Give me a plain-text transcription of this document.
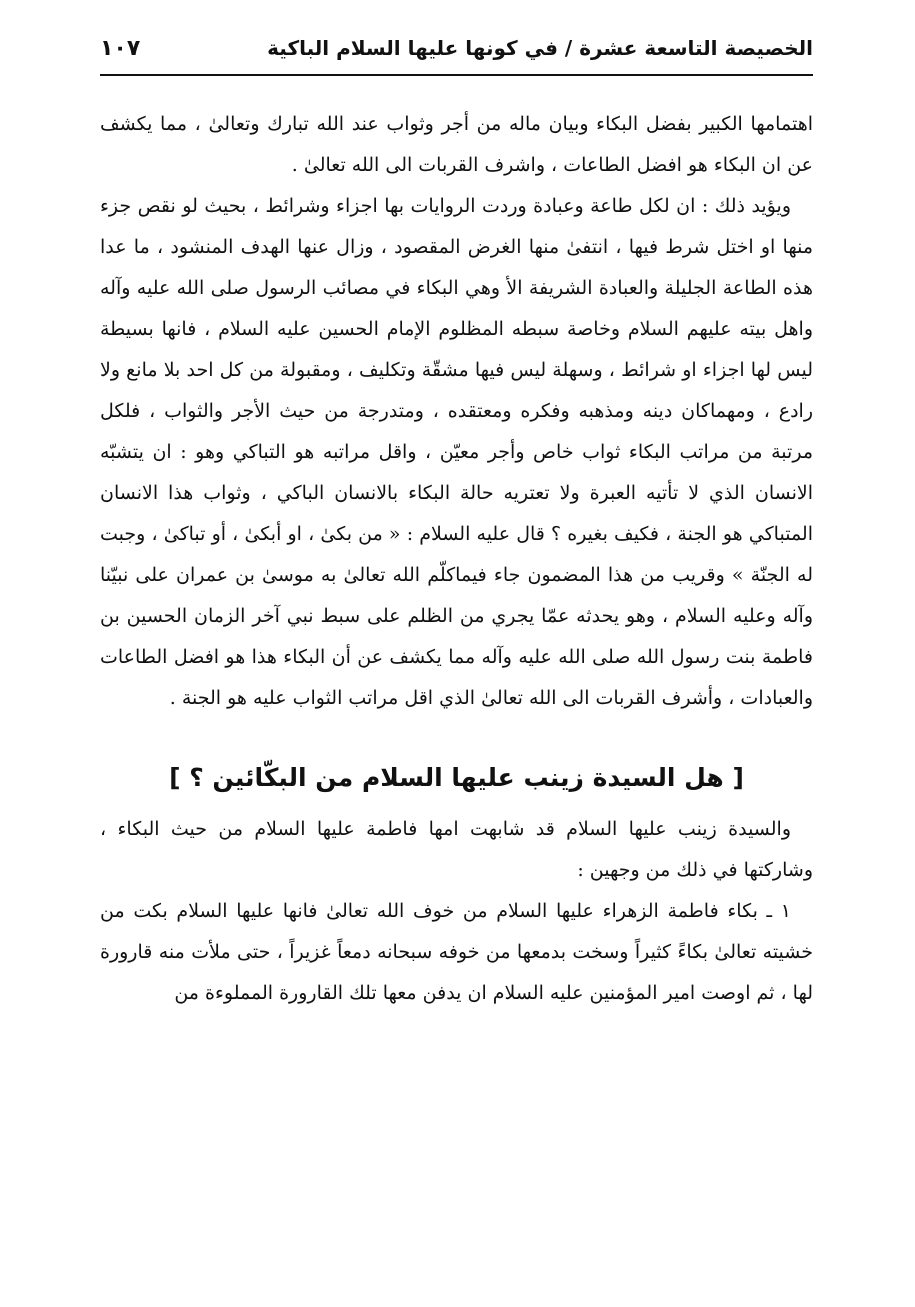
الخصيصة التاسعة عشرة / في كونها عليها السلام الباكية
١٠٧

اهتمامها الكبير بفضل البكاء وبيان ماله من أجر وثواب عند الله تبارك وتعالىٰ ، مما يكشف عن ان البكاء هو افضل الطاعات ، واشرف القربات الى الله تعالىٰ .

ويؤيد ذلك : ان لكل طاعة وعبادة وردت الروايات بها اجزاء وشرائط ، بحيث لو نقص جزء منها او اختل شرط فيها ، انتفىٰ منها الغرض المقصود ، وزال عنها الهدف المنشود ، ما عدا هذه الطاعة الجليلة والعبادة الشريفة الأ وهي البكاء في مصائب الرسول صلى الله عليه وآله واهل بيته عليهم السلام وخاصة سبطه المظلوم الإمام الحسين عليه السلام ، فانها بسيطة ليس لها اجزاء او شرائط ، وسهلة ليس فيها مشقّة وتكليف ، ومقبولة من كل احد بلا مانع ولا رادع ، ومهماكان دينه ومذهبه وفكره ومعتقده ، ومتدرجة من حيث الأجر والثواب ، فلكل مرتبة من مراتب البكاء ثواب خاص وأجر معيّن ، واقل مراتبه هو التباكي وهو : ان يتشبّه الانسان الذي لا تأتيه العبرة ولا تعتريه حالة البكاء بالانسان الباكي ، وثواب هذا الانسان المتباكي هو الجنة ، فكيف بغيره ؟ قال عليه السلام : « من بكىٰ ، او أبكىٰ ، أو تباكىٰ ، وجبت له الجنّة » وقريب من هذا المضمون جاء فيماكلّم الله تعالىٰ به موسىٰ بن عمران على نبيّنا وآله وعليه السلام ، وهو يحدثه عمّا يجري من الظلم على سبط نبي آخر الزمان الحسين بن فاطمة بنت رسول الله صلى الله عليه وآله مما يكشف عن أن البكاء هذا هو افضل الطاعات والعبادات ، وأشرف القربات الى الله تعالىٰ الذي اقل مراتب الثواب عليه هو الجنة .

[ هل السيدة زينب عليها السلام من البكّائين ؟ ]

والسيدة زينب عليها السلام قد شابهت امها فاطمة عليها السلام من حيث البكاء ، وشاركتها في ذلك من وجهين :

١ ـ بكاء فاطمة الزهراء عليها السلام من خوف الله تعالىٰ فانها عليها السلام بكت من خشيته تعالىٰ بكاءً كثيراً وسخت بدمعها من خوفه سبحانه دمعاً غزيراً ، حتى ملأت منه قارورة لها ، ثم اوصت امير المؤمنين عليه السلام ان يدفن معها تلك القارورة المملوءة من
